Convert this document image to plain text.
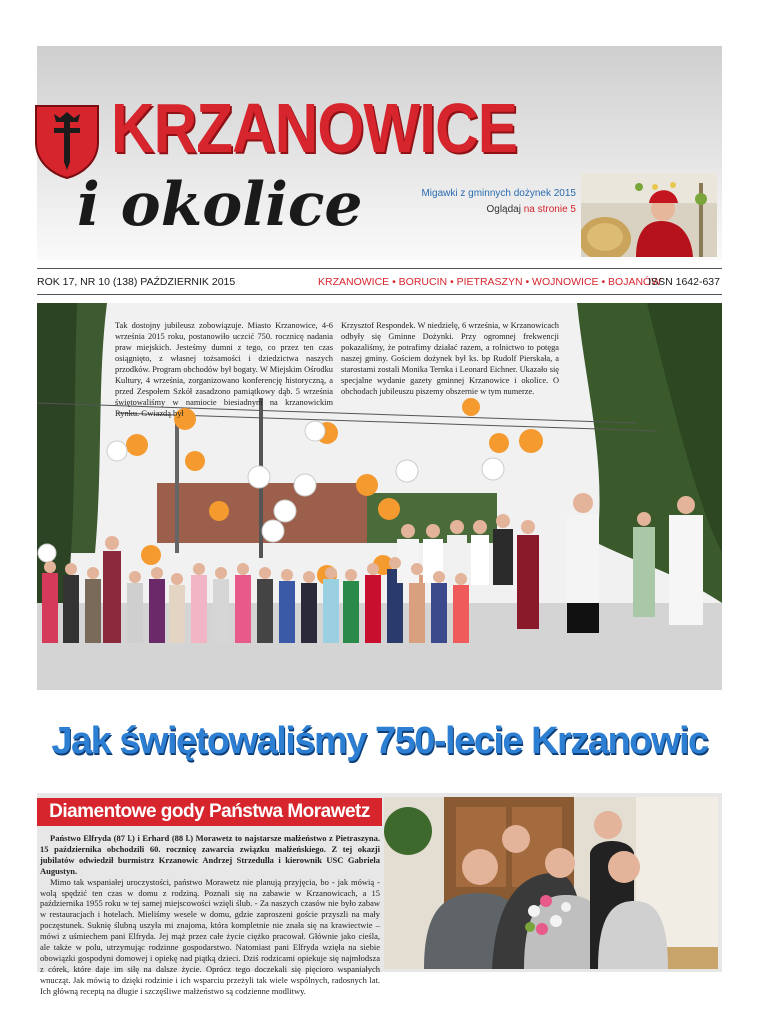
KRZANOWICE
i okolice	Migawki z gminnych dożynek 2015
Oglądaj na stronie 5
ROK 17, NR 10 (138) PAŹDZIERNIK 2015	KRZANOWICE • BORUCIN • PIETRASZYN • WOJNOWICE • BOJANÓW
ISSN 1642-637

Tak dostojny jubileusz zobowiązuje. Miasto Krzanowice, 4-6 września 2015 roku, postanowiło uczcić 750. rocznicę nadania praw miejskich. Jesteśmy dumni z tego, co przez ten czas osiągnięto, z własnej tożsamości i dziedzictwa naszych przodków. Program obchodów był bogaty. W Miejskim Ośrodku Kultury, 4 września, zorganizowano konferencję historyczną, a przed Zespołem Szkół zasadzono pamiątkowy dąb. 5 września świętowaliśmy w namiocie biesiadnym na krzanowickim Rynku. Gwiazdą był

Krzysztof Respondek. W niedzielę, 6 września, w Krzanowicach odbyły się Gminne Dożynki. Przy ogromnej frekwencji pokazaliśmy, że potrafimy działać razem, a rolnictwo to potęga naszej gminy. Gościem dożynek był ks. bp Rudolf Pierskała, a starostami zostali Monika Ternka i Leonard Eichner. Ukazało się specjalne wydanie gazety gminnej Krzanowice i okolice. O obchodach jubileuszu piszemy obszernie w tym numerze.

Jak świętowaliśmy 750-lecie Krzanowic
Diamentowe gody Państwa Morawetz

Państwo Elfryda (87 l.) i Erhard (88 l.) Morawetz to najstarsze małżeństwo z Pietraszyna. 15 października obchodzili 60. rocznicę zawarcia związku małżeńskiego. Z tej okazji jubilatów odwiedził burmistrz Krzanowic Andrzej Strzedulla i kierownik USC Gabriela Augustyn.

Mimo tak wspaniałej uroczystości, państwo Morawetz nie planują przyjęcia, bo - jak mówią - wolą spędzić ten czas w domu z rodziną. Poznali się na zabawie w Krzanowicach, a 15 października 1955 roku w tej samej miejscowości wzięli ślub. - Za naszych czasów nie było zabaw w restauracjach i hotelach. Mieliśmy wesele w domu, gdzie zaproszeni goście przyszli na mały poczęstunek. Suknię ślubną uszyła mi znajoma, która kompletnie nie znała się na krawiectwie – mówi z uśmiechem pani Elfryda. Jej mąż przez całe życie ciężko pracował. Głównie jako cieśla, ale także w polu, utrzymując rodzinne gospodarstwo. Natomiast pani Elfryda wzięła na siebie obowiązki gospodyni domowej i opiekę nad piątką dzieci. Dziś rodzicami opiekuje się najmłodsza z córek, które daje im siłę na dalsze życie. Oprócz tego doczekali się pięcioro wspaniałych wnucząt. Jak mówią to dzięki rodzinie i ich wsparciu przeżyli tak wiele wspólnych, radosnych lat. Ich główną receptą na długie i szczęśliwe małżeństwo są codzienne modlitwy.
